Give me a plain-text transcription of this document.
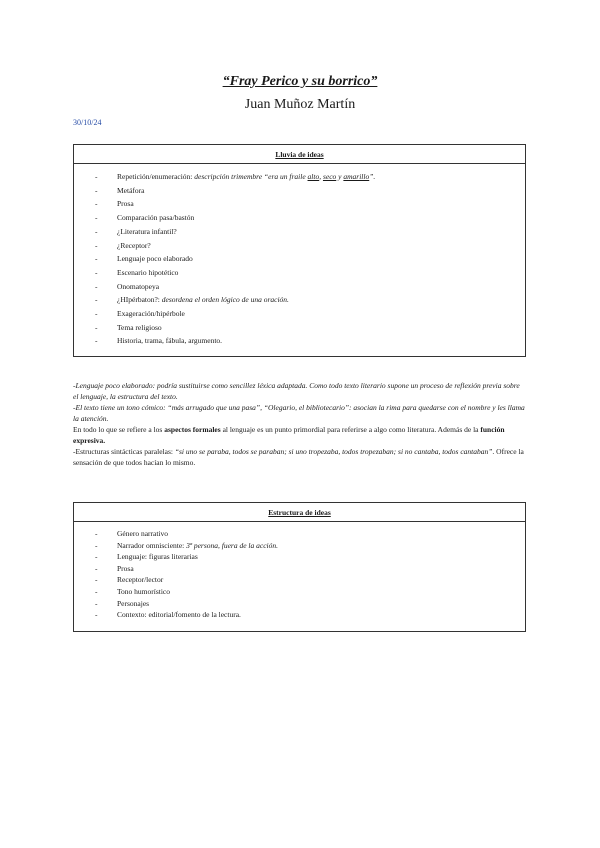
“Fray Perico y su borrico”
Juan Muñoz Martín
30/10/24
Lluvia de ideas
- Repetición/enumeración: descripción trimembre “era un fraile alto, seco y amarillo”.
- Metáfora
- Prosa
- Comparación pasa/bastón
- ¿Literatura infantil?
- ¿Receptor?
- Lenguaje poco elaborado
- Escenario hipotético
- Onomatopeya
- ¿HIpérbaton?: desordena el orden lógico de una oración.
- Exageración/hipérbole
- Tema religioso
- Historia, trama, fábula, argumento.

-Lenguaje poco elaborado: podría sustituirse como sencillez léxica adaptada. Como todo texto literario supone un proceso de reflexión previa sobre el lenguaje, la estructura del texto.

-El texto tiene un tono cómico: “más arrugado que una pasa”, “Olegario, el bibliotecario”: asocian la rima para quedarse con el nombre y les llama la atención.

En todo lo que se refiere a los aspectos formales al lenguaje es un punto primordial para referirse a algo como literatura. Además de la función expresiva.

-Estructuras sintácticas paralelas: “si uno se paraba, todos se paraban; si uno tropezaba, todos tropezaban; si no cantaba, todos cantaban”. Ofrece la sensación de que todos hacían lo mismo.

Estructura de ideas
- Género narrativo
- Narrador omnisciente: 3ª persona, fuera de la acción.
- Lenguaje: figuras literarias
- Prosa
- Receptor/lector
- Tono humorístico
- Personajes
- Contexto: editorial/fomento de la lectura.
